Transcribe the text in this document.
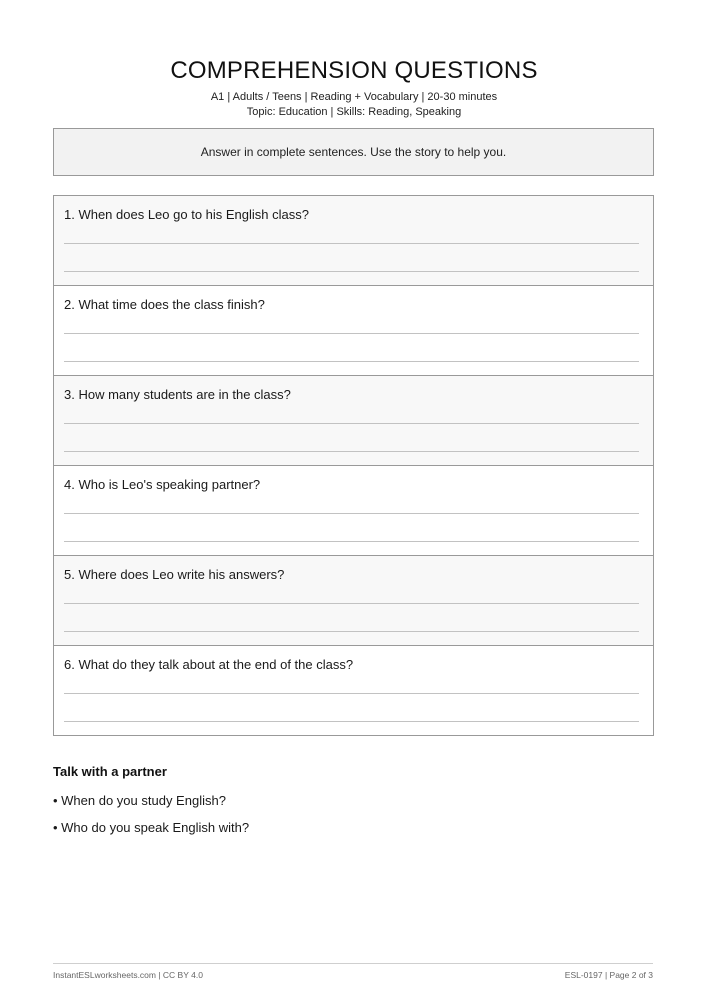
COMPREHENSION QUESTIONS
A1 | Adults / Teens | Reading + Vocabulary | 20-30 minutes
Topic: Education | Skills: Reading, Speaking
Answer in complete sentences. Use the story to help you.
1. When does Leo go to his English class?
2. What time does the class finish?
3. How many students are in the class?
4. Who is Leo's speaking partner?
5. Where does Leo write his answers?
6. What do they talk about at the end of the class?
Talk with a partner
• When do you study English?
• Who do you speak English with?
InstantESLworksheets.com | CC BY 4.0	ESL-0197 | Page 2 of 3
